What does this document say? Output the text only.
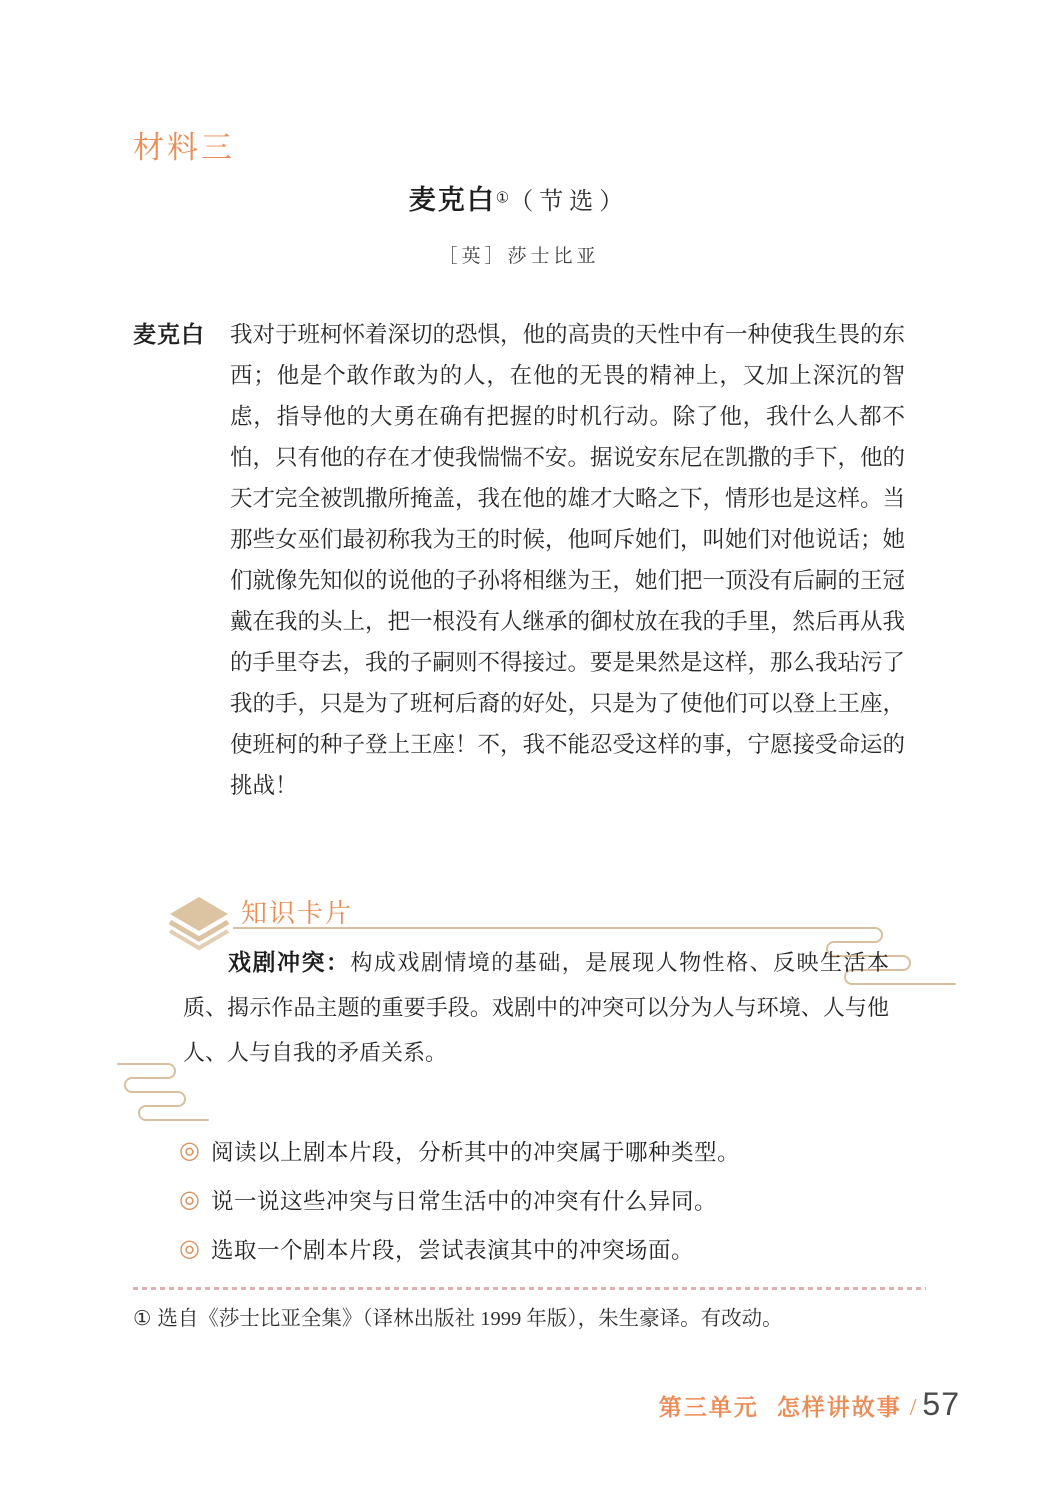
材料三
麦克白①（节选）
［英］莎士比亚
麦克白 我对于班柯怀着深切的恐惧，他的高贵的天性中有一种使我生畏的东西；他是个敢作敢为的人，在他的无畏的精神上，又加上深沉的智虑，指导他的大勇在确有把握的时机行动。除了他，我什么人都不怕，只有他的存在才使我惴惴不安。据说安东尼在凯撒的手下，他的天才完全被凯撒所掩盖，我在他的雄才大略之下，情形也是这样。当那些女巫们最初称我为王的时候，他呵斥她们，叫她们对他说话；她们就像先知似的说他的子孙将相继为王，她们把一顶没有后嗣的王冠戴在我的头上，把一根没有人继承的御杖放在我的手里，然后再从我的手里夺去，我的子嗣则不得接过。要是果然是这样，那么我玷污了我的手，只是为了班柯后裔的好处，只是为了使他们可以登上王座，使班柯的种子登上王座！不，我不能忍受这样的事，宁愿接受命运的挑战！

知识卡片

戏剧冲突：构成戏剧情境的基础，是展现人物性格、反映生活本质、揭示作品主题的重要手段。戏剧中的冲突可以分为人与环境、人与他人、人与自我的矛盾关系。

◎ 阅读以上剧本片段，分析其中的冲突属于哪种类型。
◎ 说一说这些冲突与日常生活中的冲突有什么异同。
◎ 选取一个剧本片段，尝试表演其中的冲突场面。
① 选自《莎士比亚全集》（译林出版社 1999 年版），朱生豪译。有改动。
第三单元 怎样讲故事 / 57
